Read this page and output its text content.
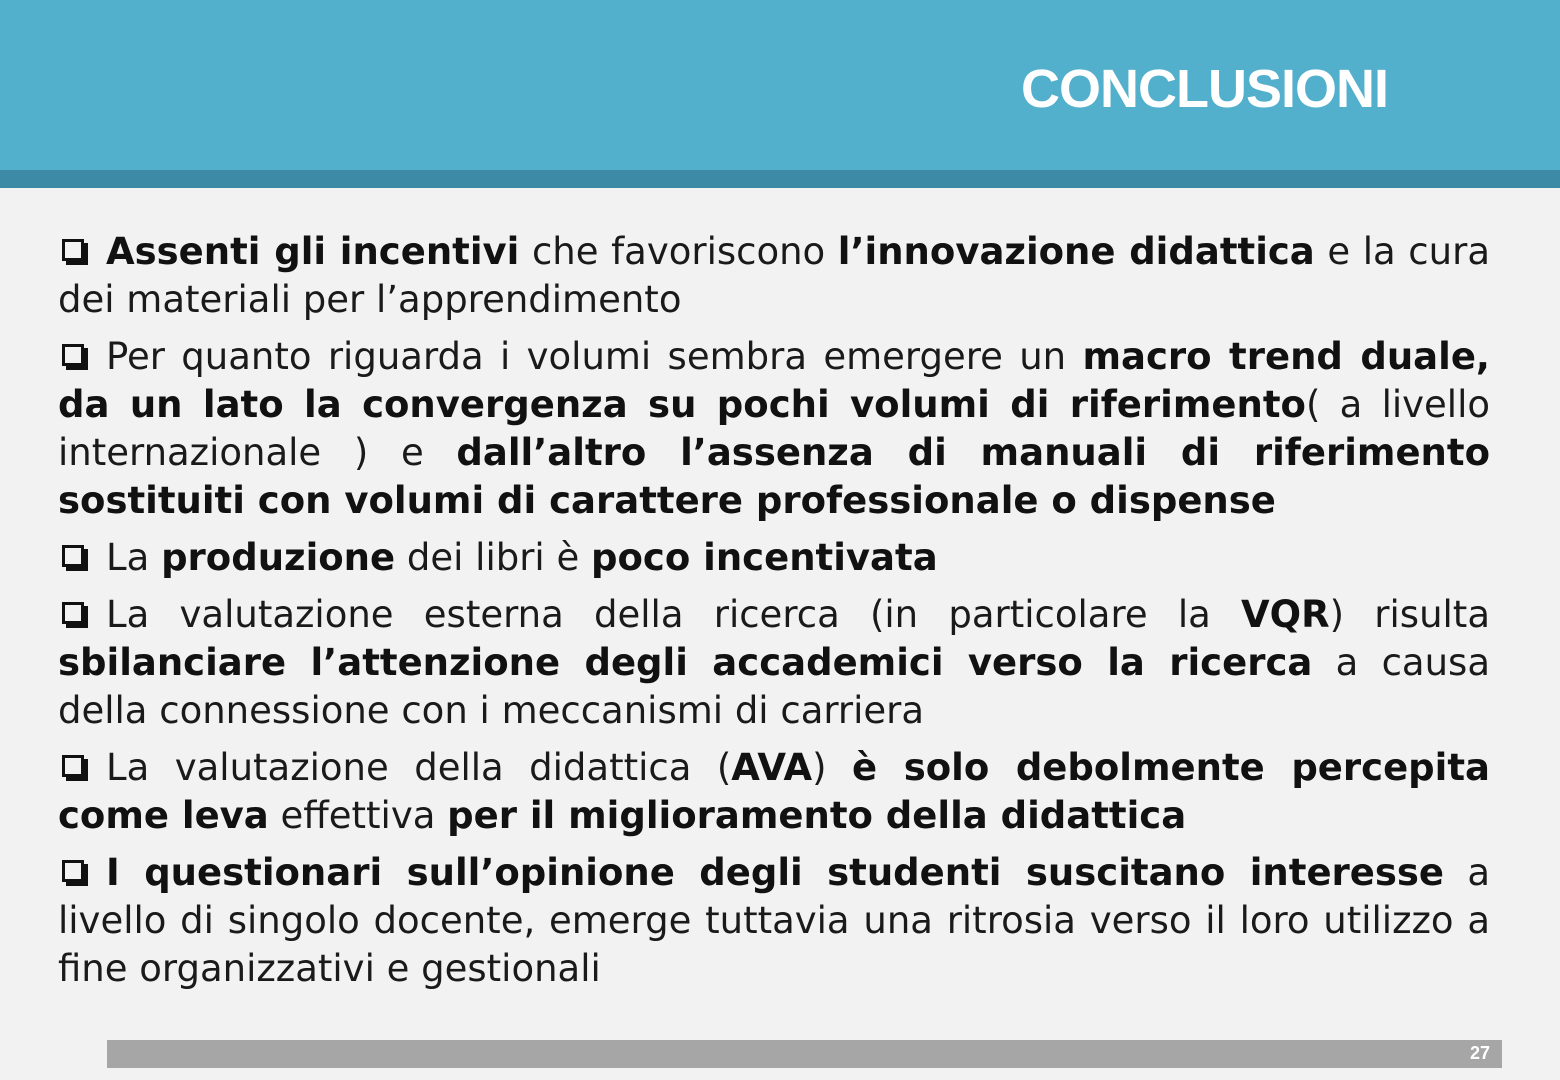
CONCLUSIONI

Assenti gli incentivi che favoriscono l’innovazione didattica e la cura dei materiali per l’apprendimento

Per quanto riguarda i volumi sembra emergere un macro trend duale, da un lato la convergenza su pochi volumi di riferimento( a livello internazionale ) e dall’altro l’assenza di manuali di riferimento sostituiti con volumi di carattere professionale o dispense

La produzione dei libri è poco incentivata

La valutazione esterna della ricerca (in particolare la VQR) risulta sbilanciare l’attenzione degli accademici verso la ricerca a causa della connessione con i meccanismi di carriera

La valutazione della didattica (AVA) è solo debolmente percepita come leva effettiva per il miglioramento della didattica

I questionari sull’opinione degli studenti suscitano interesse a livello di singolo docente, emerge tuttavia una ritrosia verso il loro utilizzo a fine organizzativi e gestionali

27
